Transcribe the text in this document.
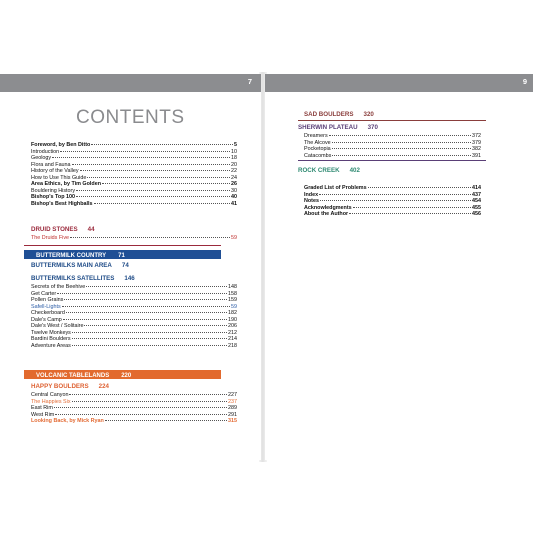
7
CONTENTS
Foreword, by Ben Ditto	5
Introduction	10
Geology	18
Flora and Fauna	20
History of the Valley	22
How to Use This Guide	24
Area Ethics, by Tim Golden	26
Bouldering History	30
Bishop's Top 100	40
Bishop's Best Highballs	41
DRUID STONES 44
The Druids Five	59
BUTTERMILK COUNTRY 71
BUTTERMILKS MAIN AREA 74
BUTTERMILKS SATELLITES 146
Secrets of the Beehive	148
Get Carter	158
Pollen Grains	159
Safell-Lights	59
Checkerboard	182
Dale's Camp	190
Dale's West / Solitaire	206
Twelve Monkeys	212
Bardini Boulders	214
Adventure Areas	218
VOLCANIC TABLELANDS 220
HAPPY BOULDERS 224
Central Canyon	227
The Happies Six	237
East Rim	289
West Rim	291
Looking Back, by Mick Ryan	315
9
SAD BOULDERS 320
SHERWIN PLATEAU 370
Dreamers	372
The Alcove	379
Pocketopia	382
Catacombs	391
ROCK CREEK 402
Graded List of Problems	414
Index	437
Notes	454
Acknowledgments	455
About the Author	456
